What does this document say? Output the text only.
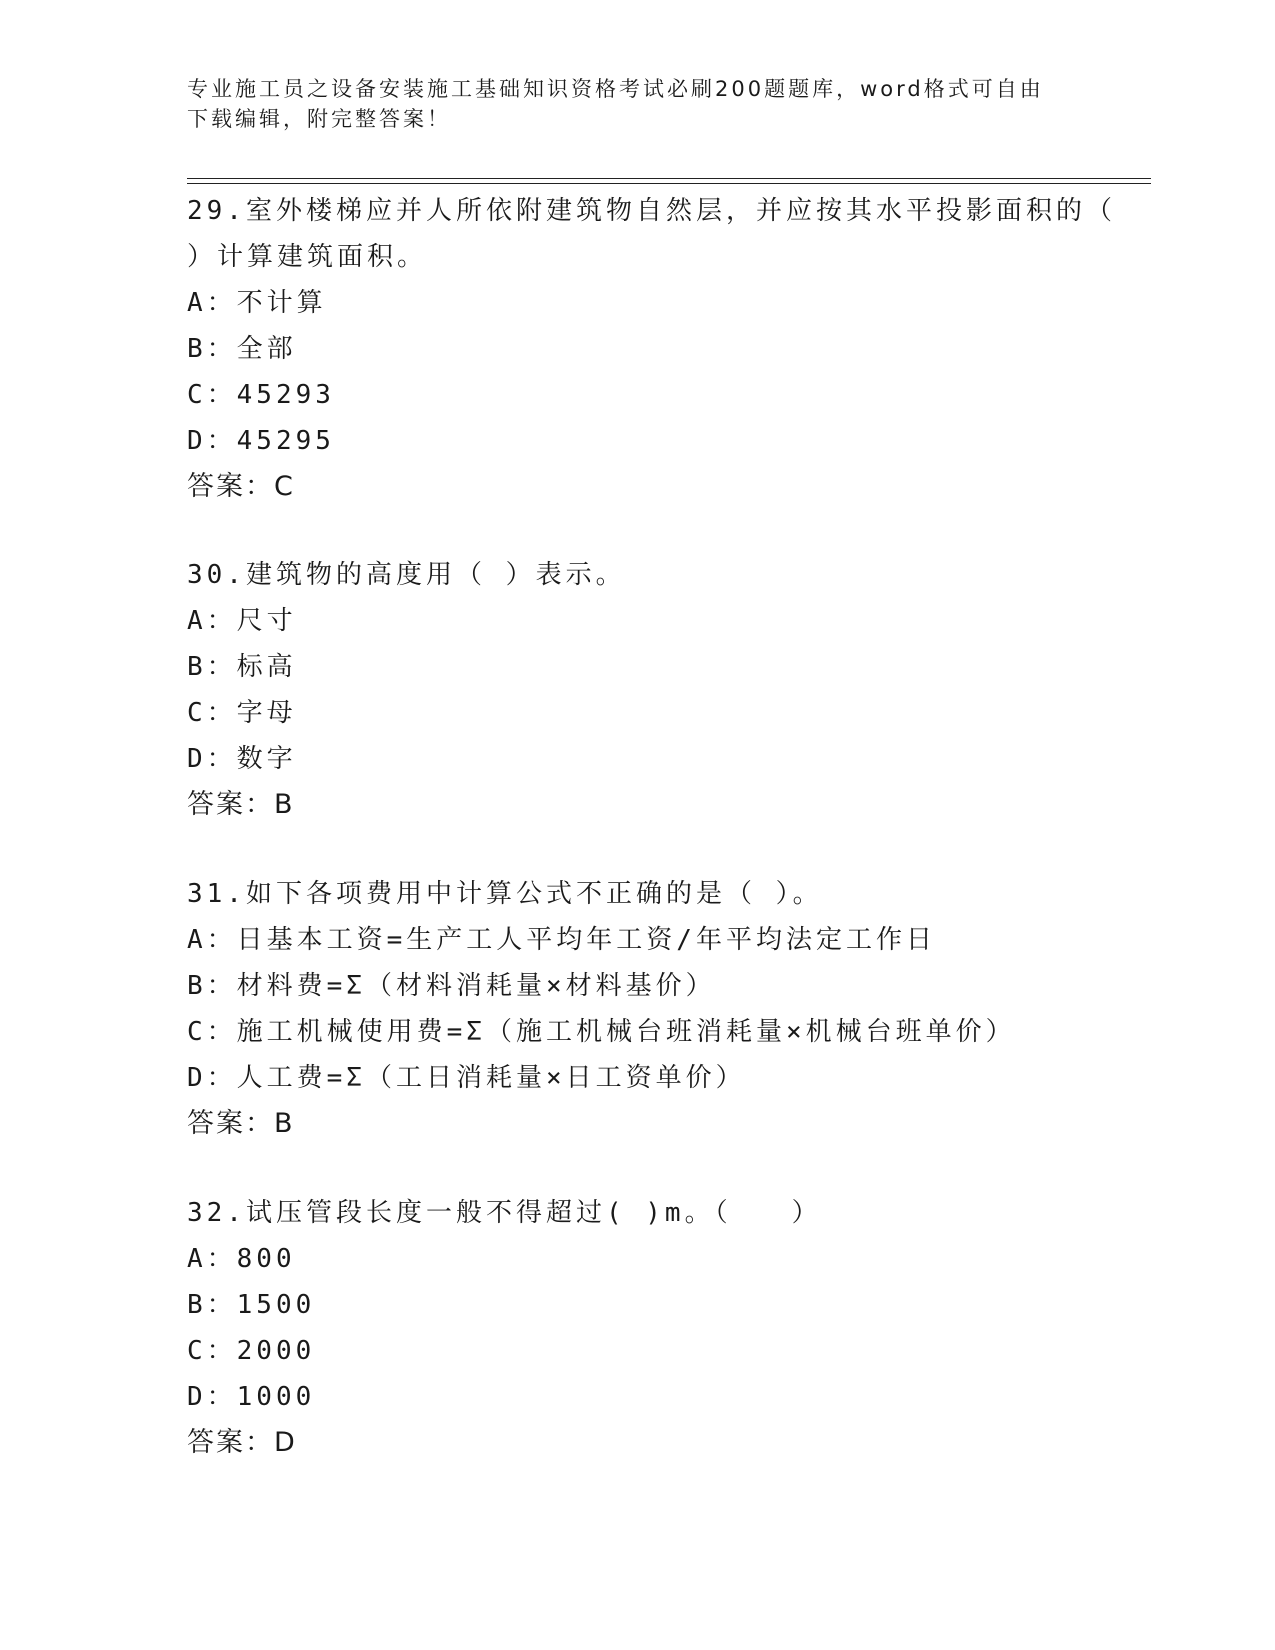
专业施工员之设备安装施工基础知识资格考试必刷200题题库，word格式可自由
下载编辑，附完整答案！
29.室外楼梯应并人所依附建筑物自然层，并应按其水平投影面积的（
）计算建筑面积。
A：不计算
B：全部
C：45293
D：45295
答案：C
30.建筑物的高度用（ ）表示。
A：尺寸
B：标高
C：字母
D：数字
答案：B
31.如下各项费用中计算公式不正确的是（ ）。
A：日基本工资=生产工人平均年工资/年平均法定工作日
B：材料费=Σ（材料消耗量×材料基价）
C：施工机械使用费=Σ（施工机械台班消耗量×机械台班单价）
D：人工费=Σ（工日消耗量×日工资单价）
答案：B
32.试压管段长度一般不得超过( )m。（　　）
A：800
B：1500
C：2000
D：1000
答案：D
